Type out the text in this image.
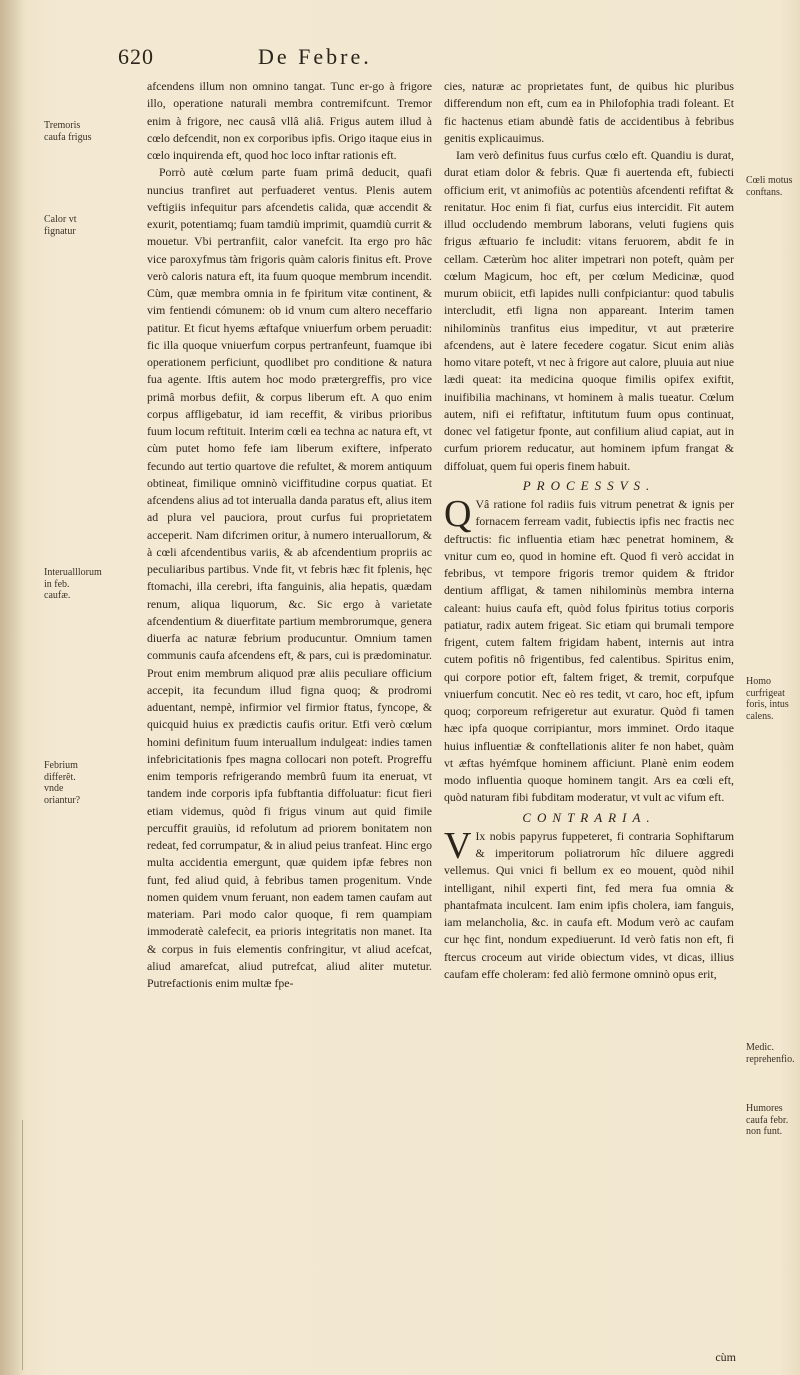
620	De Febre.
Tremoris caufa frigus
Calor vt fignatur
Interualllorum in feb. caufæ.
Febrium differêt. vnde oriantur?
Cœli motus conftans.
Homo curfrigeat foris, intus calens.
Medic. reprehenfio.
Humores caufa febr. non funt.

afcendens illum non omnino tangat. Tunc er-go à frigore illo, operatione naturali membra contremifcunt. Tremor enim à frigore, nec causâ vllâ aliâ. Frigus autem illud à cœlo defcendit, non ex corporibus ipfis. Origo itaque eius in cœlo inquirenda eft, quod hoc loco inftar rationis eft.

Porrò autè cœlum parte fuam primâ deducit, quafi nuncius tranfiret aut perfuaderet ventus. Plenis autem veftigiis infequitur pars afcendetis calida, quæ accendit & exurit, potentiamq; fuam tamdiù imprimit, quamdiù currit & mouetur. Vbi pertranfiit, calor vanefcit. Ita ergo pro hâc vice paroxyfmus tàm frigoris quàm caloris finitus eft. Prove verò caloris natura eft, ita fuum quoque membrum incendit. Cùm, quæ membra omnia in fe fpiritum vitæ continent, & vim fentiendi cómunem: ob id vnum cum altero neceffario patitur. Et ficut hyems æftafque vniuerfum orbem peruadit: fic illa quoque vniuerfum corpus pertranfeunt, fuamque ibi operationem perficiunt, quodlibet pro conditione & natura fua agente. Iftis autem hoc modo prætergreffis, pro vice primâ morbus defiit, & corpus liberum eft. A quo enim corpus affligebatur, id iam receffit, & viribus prioribus fuum locum reftituit. Interim cœli ea techna ac natura eft, vt cùm putet homo fefe iam liberum exiftere, infperato fecundo aut tertio quartove die refultet, & morem antiquum obtineat, fimilique omninò viciffitudine corpus quatiat. Et afcendens alius ad tot interualla danda paratus eft, alius item ad plura vel pauciora, prout curfus fui proprietatem acceperit. Nam difcrimen oritur, à numero interuallorum, & à cœli afcendentibus variis, & ab afcendentium propriis ac peculiaribus partibus. Vnde fit, vt febris hæc fit fplenis, hęc ftomachi, illa cerebri, ifta fanguinis, alia hepatis, quædam renum, aliqua liquorum, &c. Sic ergo à varietate afcendentium & diuerfitate partium membrorumque, genera diuerfa ac naturæ febrium producuntur. Omnium tamen communis caufa afcendens eft, & pars, cui is prædominatur. Prout enim membrum aliquod præ aliis peculiare officium accepit, ita fecundum illud figna quoq; & prodromi aduentant, nempè, infirmior vel firmior ftatus, fyncope, & quicquid huius ex prædictis caufis oritur. Etfi verò cœlum homini definitum fuum interuallum indulgeat: indies tamen infebricitationis fpes magna collocari non poteft. Progreffu enim temporis refrigerando membrû fuum ita eneruat, vt tandem inde corporis ipfa fubftantia diffoluatur: ficut fieri etiam videmus, quòd fi frigus vinum aut quid fimile percuffit grauiùs, id refolutum ad priorem bonitatem non redeat, fed corrumpatur, & in aliud peius tranfeat. Hinc ergo multa accidentia emergunt, quæ quidem ipfæ febres non funt, fed aliud quid, à febribus tamen progenitum. Vnde nomen quidem vnum feruant, non eadem tamen caufam aut materiam. Pari modo calor quoque, fi rem quampiam immoderatè calefecit, ea prioris integritatis non manet. Ita & corpus in fuis elementis confringitur, vt aliud acefcat, aliud amarefcat, aliud putrefcat, aliud aliter mutetur. Putrefactionis enim multæ fpe-

cies, naturæ ac proprietates funt, de quibus hic pluribus differendum non eft, cum ea in Philofophia tradi foleant. Et fic hactenus etiam abundè fatis de accidentibus à febribus genitis explicauimus.

Iam verò definitus fuus curfus cœlo eft. Quandiu is durat, durat etiam dolor & febris. Quæ fi auertenda eft, fubiecti officium erit, vt animofiùs ac potentiùs afcendenti refiftat & renitatur. Hoc enim fi fiat, curfus eius intercidit. Fit autem illud occludendo membrum laborans, veluti fugiens quis frigus æftuario fe includit: vitans feruorem, abdit fe in cellam. Cæterùm hoc aliter impetrari non poteft, quàm per cœlum Magicum, hoc eft, per cœlum Medicinæ, quod murum obiicit, etfi lapides nulli confpiciantur: quod tabulis intercludit, etfi ligna non appareant. Interim tamen nihilominùs tranfitus eius impeditur, vt aut præterire afcendens, aut è latere fecedere cogatur. Sicut enim aliàs homo vitare poteft, vt nec à frigore aut calore, pluuia aut niue lædi queat: ita medicina quoque fimilis opifex exiftit, inuifibilia machinans, vt hominem à malis tueatur. Cœlum autem, nifi ei refiftatur, inftitutum fuum opus continuat, donec vel fatigetur fponte, aut confilium aliud capiat, aut in curfum priorem reducatur, aut hominem ipfum frangat & diffoluat, quem fui operis finem habuit.

PROCESSVS.

Q Vâ ratione fol radiis fuis vitrum penetrat & ignis per fornacem ferream vadit, fubiectis ipfis nec fractis nec deftructis: fic influentia etiam hæc penetrat hominem, & vnitur cum eo, quod in homine eft. Quod fi verò accidat in febribus, vt tempore frigoris tremor quidem & ftridor dentium affligat, & tamen nihilominùs membra interna caleant: huius caufa eft, quòd folus fpiritus totius corporis patiatur, radix autem frigeat. Sic etiam qui brumali tempore frigent, cutem faltem frigidam habent, internis aut intra cutem pofitis nô frigentibus, fed calentibus. Spiritus enim, qui corpore potior eft, faltem friget, & tremit, corpufque vniuerfum concutit. Nec eò res tedit, vt caro, hoc eft, ipfum quoq; corporeum refrigeretur aut exuratur. Quòd fi tamen hæc ipfa quoque corripiantur, mors imminet. Ordo itaque huius influentiæ & conftellationis aliter fe non habet, quàm vt æftas hyémfque hominem afficiunt. Planè enim eodem modo influentia quoque hominem tangit. Ars ea cœli eft, quòd naturam fibi fubditam moderatur, vt vult ac vifum eft.

CONTRARIA.

V Ix nobis papyrus fuppeteret, fi contraria Sophiftarum & imperitorum poliatrorum hîc diluere aggredi vellemus. Qui vnici fi bellum ex eo mouent, quòd nihil intelligant, nihil experti fint, fed mera fua omnia & phantafmata inculcent. Iam enim ipfis cholera, iam fanguis, iam melancholia, &c. in caufa eft. Modum verò ac caufam cur hęc fint, nondum expediuerunt. Id verò fatis non eft, fi ftercus croceum aut viride obiectum vides, vt dicas, illius caufam effe choleram: fed aliò fermone omninò opus erit,

cùm
